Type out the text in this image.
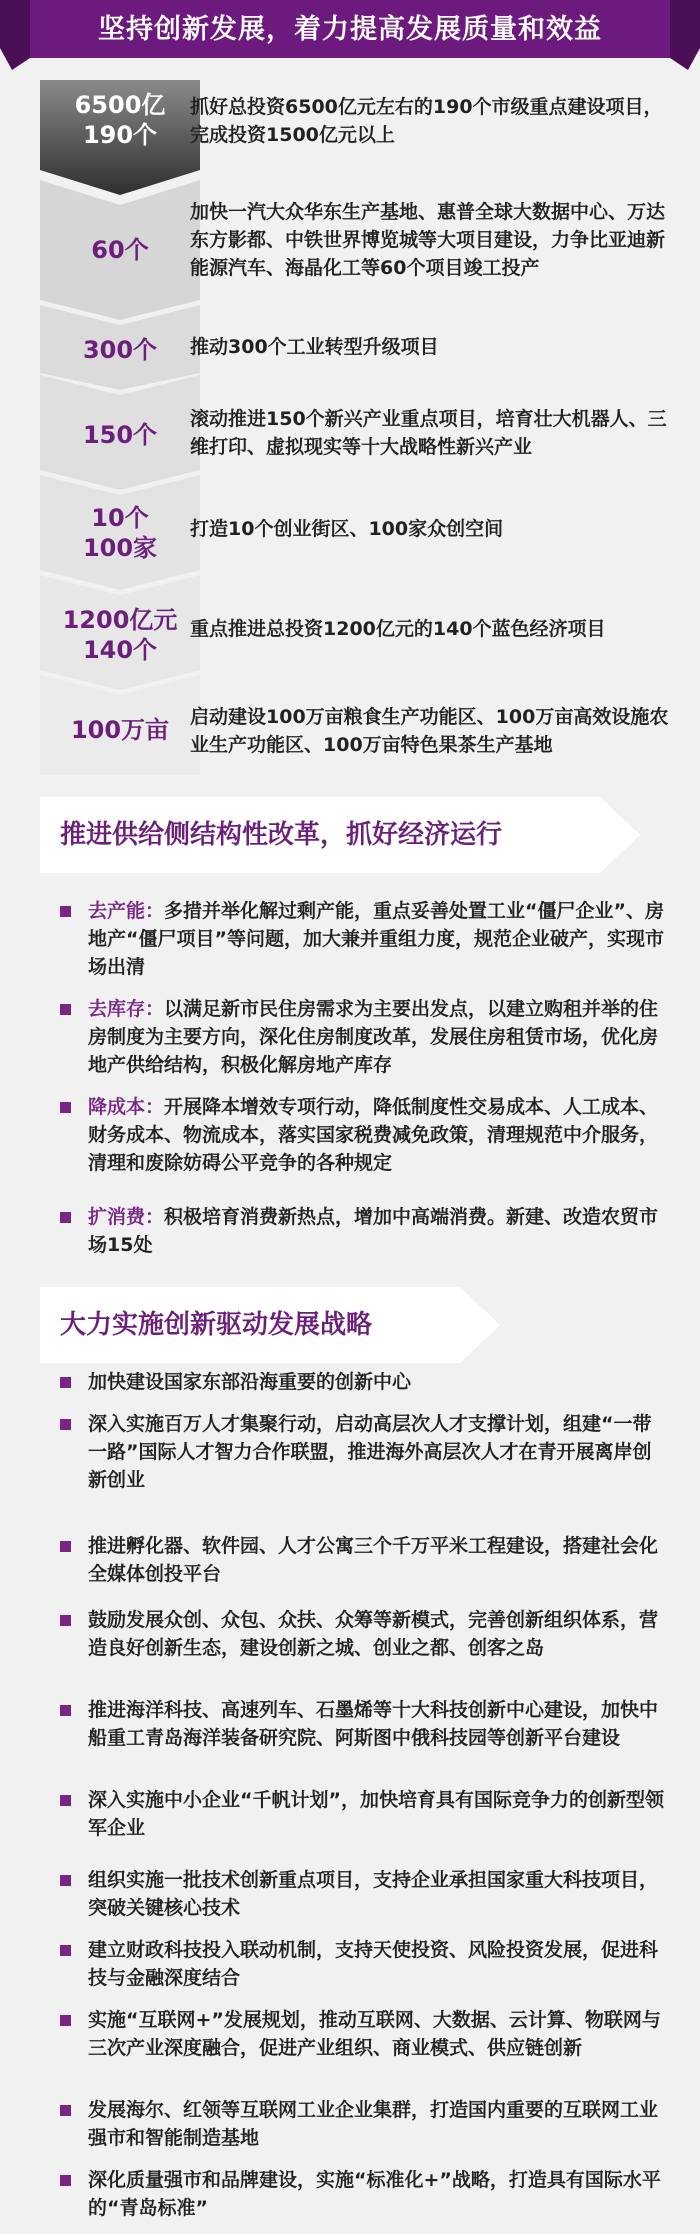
坚持创新发展，着力提高发展质量和效益
6500亿
190个
抓好总投资6500亿元左右的190个市级重点建设项目，完成投资1500亿元以上
60个
加快一汽大众华东生产基地、惠普全球大数据中心、万达东方影都、中铁世界博览城等大项目建设，力争比亚迪新能源汽车、海晶化工等60个项目竣工投产
300个	推动300个工业转型升级项目
150个
滚动推进150个新兴产业重点项目，培育壮大机器人、三维打印、虚拟现实等十大战略性新兴产业
10个
100家
打造10个创业街区、100家众创空间
1200亿元
140个
重点推进总投资1200亿元的140个蓝色经济项目
100万亩	启动建设100万亩粮食生产功能区、100万亩高效设施农业生产功能区、100万亩特色果茶生产基地
推进供给侧结构性改革，抓好经济运行
去产能：多措并举化解过剩产能，重点妥善处置工业“僵尸企业”、房地产“僵尸项目”等问题，加大兼并重组力度，规范企业破产，实现市场出清
去库存：以满足新市民住房需求为主要出发点，以建立购租并举的住房制度为主要方向，深化住房制度改革，发展住房租赁市场，优化房地产供给结构，积极化解房地产库存
降成本：开展降本增效专项行动，降低制度性交易成本、人工成本、财务成本、物流成本，落实国家税费减免政策，清理规范中介服务，清理和废除妨碍公平竞争的各种规定
扩消费：积极培育消费新热点，增加中高端消费。新建、改造农贸市场15处
大力实施创新驱动发展战略
加快建设国家东部沿海重要的创新中心
深入实施百万人才集聚行动，启动高层次人才支撑计划，组建“一带一路”国际人才智力合作联盟，推进海外高层次人才在青开展离岸创新创业
推进孵化器、软件园、人才公寓三个千万平米工程建设，搭建社会化全媒体创投平台
鼓励发展众创、众包、众扶、众筹等新模式，完善创新组织体系，营造良好创新生态，建设创新之城、创业之都、创客之岛
推进海洋科技、高速列车、石墨烯等十大科技创新中心建设，加快中船重工青岛海洋装备研究院、阿斯图中俄科技园等创新平台建设
深入实施中小企业“千帆计划”，加快培育具有国际竞争力的创新型领军企业
组织实施一批技术创新重点项目，支持企业承担国家重大科技项目，突破关键核心技术
建立财政科技投入联动机制，支持天使投资、风险投资发展，促进科技与金融深度结合
实施“互联网+”发展规划，推动互联网、大数据、云计算、物联网与三次产业深度融合，促进产业组织、商业模式、供应链创新
发展海尔、红领等互联网工业企业集群，打造国内重要的互联网工业强市和智能制造基地
深化质量强市和品牌建设，实施“标准化+”战略，打造具有国际水平的“青岛标准”
